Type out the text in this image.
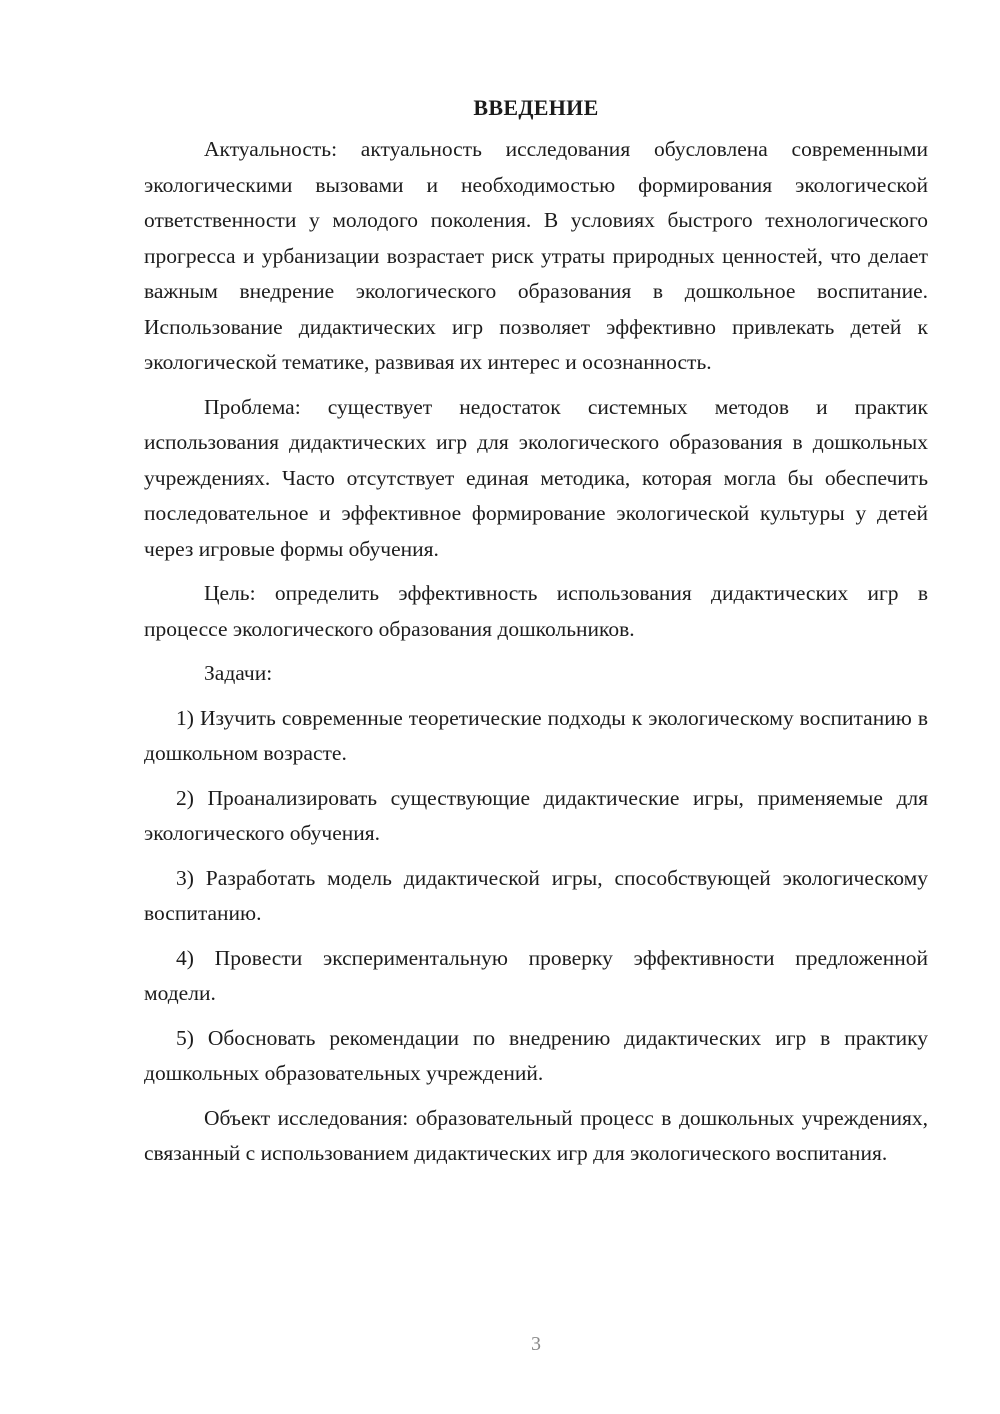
ВВЕДЕНИЕ

Актуальность: актуальность исследования обусловлена современными экологическими вызовами и необходимостью формирования экологической ответственности у молодого поколения. В условиях быстрого технологического прогресса и урбанизации возрастает риск утраты природных ценностей, что делает важным внедрение экологического образования в дошкольное воспитание. Использование дидактических игр позволяет эффективно привлекать детей к экологической тематике, развивая их интерес и осознанность.

Проблема: существует недостаток системных методов и практик использования дидактических игр для экологического образования в дошкольных учреждениях. Часто отсутствует единая методика, которая могла бы обеспечить последовательное и эффективное формирование экологической культуры у детей через игровые формы обучения.

Цель: определить эффективность использования дидактических игр в процессе экологического образования дошкольников.

Задачи:

1) Изучить современные теоретические подходы к экологическому воспитанию в дошкольном возрасте.

2) Проанализировать существующие дидактические игры, применяемые для экологического обучения.

3) Разработать модель дидактической игры, способствующей экологическому воспитанию.

4) Провести экспериментальную проверку эффективности предложенной модели.

5) Обосновать рекомендации по внедрению дидактических игр в практику дошкольных образовательных учреждений.

Объект исследования: образовательный процесс в дошкольных учреждениях, связанный с использованием дидактических игр для экологического воспитания.

3
